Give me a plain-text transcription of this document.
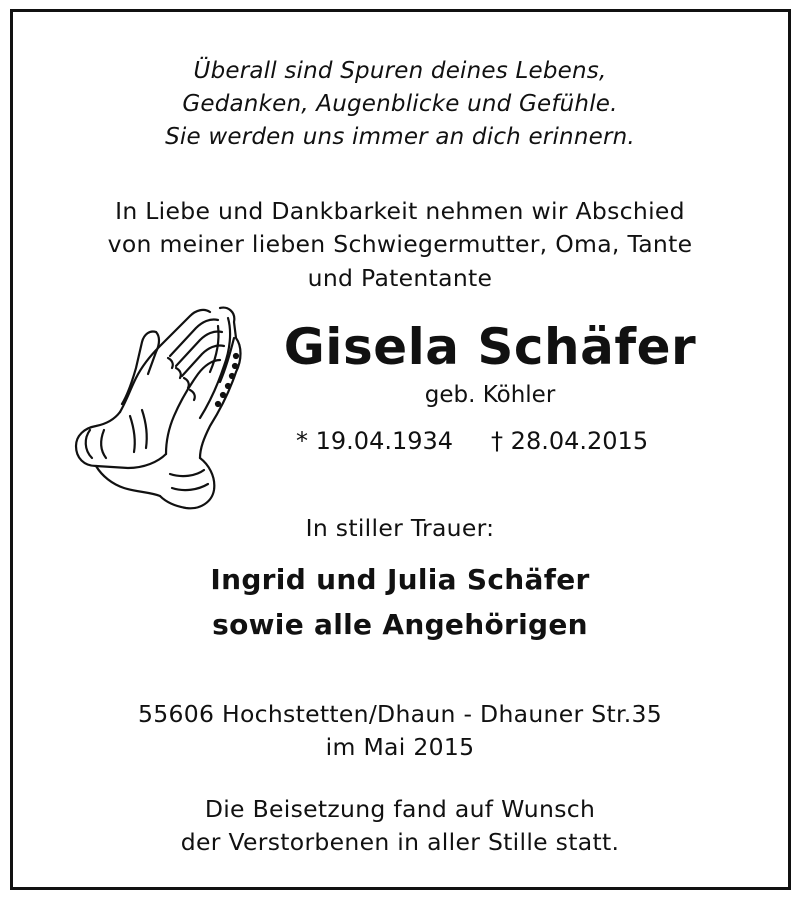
Überall sind Spuren deines Lebens,
Gedanken, Augenblicke und Gefühle.
Sie werden uns immer an dich erinnern.
In Liebe und Dankbarkeit nehmen wir Abschied
von meiner lieben Schwiegermutter, Oma, Tante
und Patentante
Gisela Schäfer
geb. Köhler
* 19.04.1934 † 28.04.2015
In stiller Trauer:
Ingrid und Julia Schäfer
sowie alle Angehörigen
55606 Hochstetten/Dhaun - Dhauner Str.35
im Mai 2015
Die Beisetzung fand auf Wunsch
der Verstorbenen in aller Stille statt.
